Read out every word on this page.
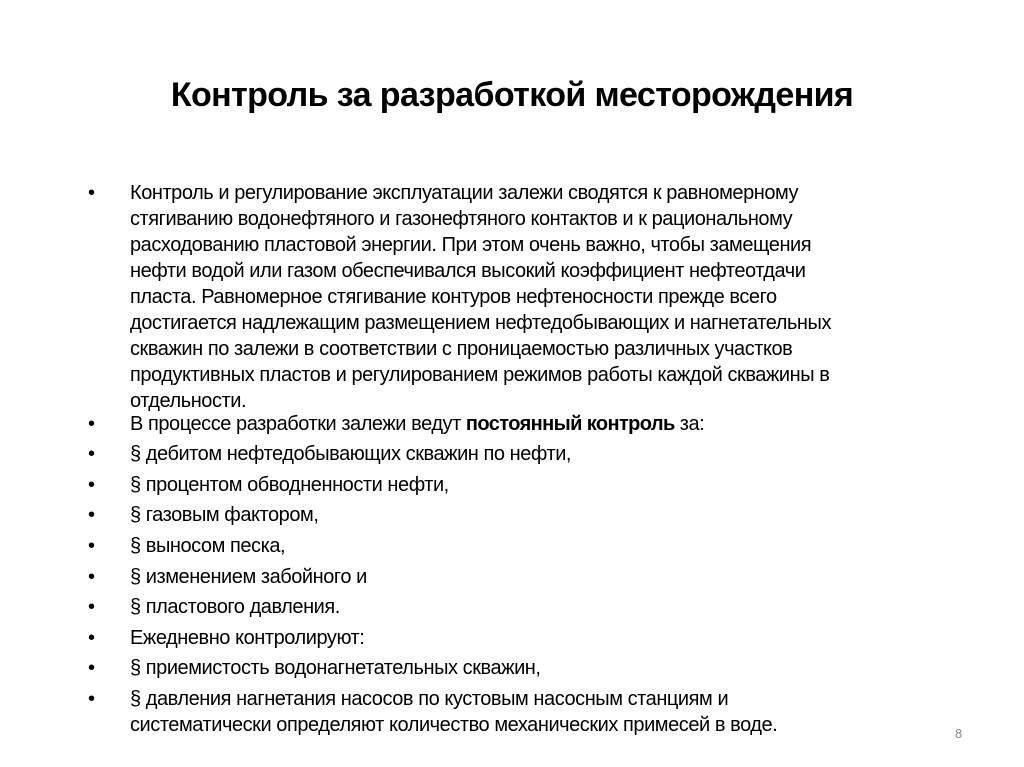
Контроль за разработкой месторождения
• Контроль и регулирование эксплуатации залежи сводятся к равномерному
стягиванию водонефтяного и газонефтяного контактов и к рациональному
расходованию пластовой энергии. При этом очень важно, чтобы замещения
нефти водой или газом обеспечивался высокий коэффициент нефтеотдачи
пласта. Равномерное стягивание контуров нефтеносности прежде всего
достигается надлежащим размещением нефтедобывающих и нагнетательных
скважин по залежи в соответствии с проницаемостью различных участков
продуктивных пластов и регулированием режимов работы каждой скважины в
отдельности.
• В процессе разработки залежи ведут постоянный контроль за:
• § дебитом нефтедобывающих скважин по нефти,
• § процентом обводненности нефти,
• § газовым фактором,
• § выносом песка,
• § изменением забойного и
• § пластового давления.
• Ежедневно контролируют:
• § приемистость водонагнетательных скважин,
• § давления нагнетания насосов по кустовым насосным станциям и
систематически определяют количество механических примесей в воде.	8
